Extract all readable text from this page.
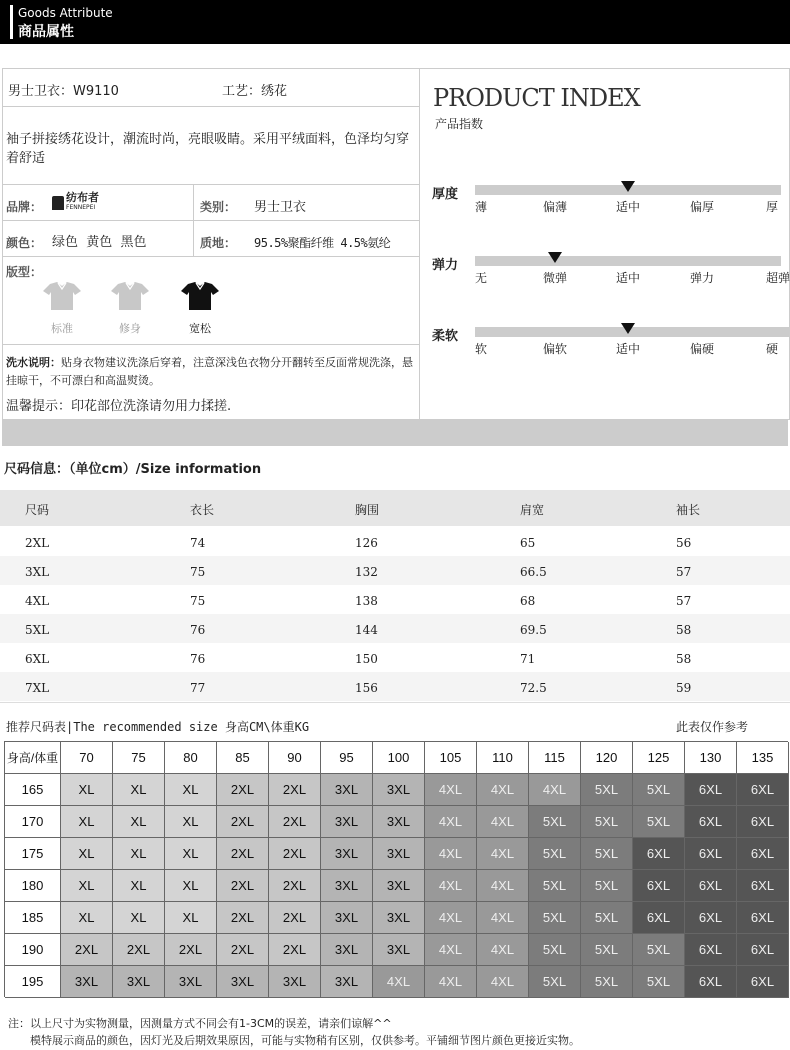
Goods Attribute
商品属性
男士卫衣：W9110	工艺：绣花
袖子拼接绣花设计，潮流时尚，亮眼吸睛。采用平绒面料，色泽均匀穿着舒适
品牌：
纺布者
FENNEPEI	类别： 男士卫衣
颜色： 绿色  黄色  黑色	质地： 95.5%聚酯纤维 4.5%氨纶
版型：
标准	修身	宽松
洗水说明：贴身衣物建议洗涤后穿着，注意深浅色衣物分开翻转至反面常规洗涤，悬挂晾干，不可漂白和高温熨烫。
温馨提示：印花部位洗涤请勿用力揉搓.
PRODUCT INDEX
产品指数
厚度
薄	偏薄	适中	偏厚	厚
弹力
无	微弹	适中	弹力	超弹
柔软
软	偏软	适中	偏硬	硬
尺码信息：（单位cm）/Size information
尺码	衣长	胸围	肩宽	袖长
2XL	74	126	65	56
3XL	75	132	66.5	57
4XL	75	138	68	57
5XL	76	144	69.5	58
6XL	76	150	71	58
7XL	77	156	72.5	59
推荐尺码表|The recommended size 身高CM\体重KG	此表仅作参考
身高/体重	70	75	80	85	90	95	100	105	110	115	120	125	130	135
165	XL	XL	XL	2XL	2XL	3XL	3XL	4XL	4XL	4XL	5XL	5XL	6XL	6XL
170	XL	XL	XL	2XL	2XL	3XL	3XL	4XL	4XL	5XL	5XL	5XL	6XL	6XL
175	XL	XL	XL	2XL	2XL	3XL	3XL	4XL	4XL	5XL	5XL	6XL	6XL	6XL
180	XL	XL	XL	2XL	2XL	3XL	3XL	4XL	4XL	5XL	5XL	6XL	6XL	6XL
185	XL	XL	XL	2XL	2XL	3XL	3XL	4XL	4XL	5XL	5XL	6XL	6XL	6XL
190	2XL	2XL	2XL	2XL	2XL	3XL	3XL	4XL	4XL	5XL	5XL	5XL	6XL	6XL
195	3XL	3XL	3XL	3XL	3XL	3XL	4XL	4XL	4XL	5XL	5XL	5XL	6XL	6XL
注：以上尺寸为实物测量，因测量方式不同会有1-3CM的误差，请亲们谅解^^
模特展示商品的颜色，因灯光及后期效果原因，可能与实物稍有区别，仅供参考。平铺细节图片颜色更接近实物。
